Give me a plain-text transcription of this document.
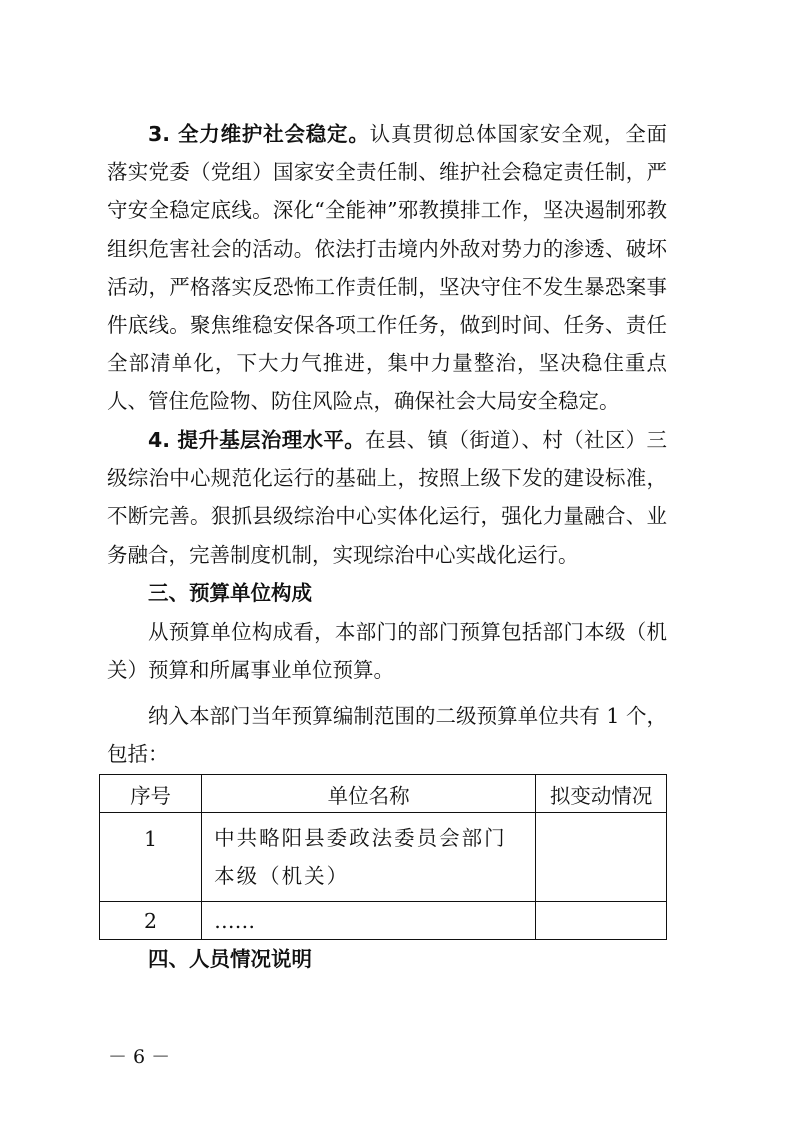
3. 全力维护社会稳定。认真贯彻总体国家安全观，全面落实党委（党组）国家安全责任制、维护社会稳定责任制，严守安全稳定底线。深化“全能神”邪教摸排工作，坚决遏制邪教组织危害社会的活动。依法打击境内外敌对势力的渗透、破坏活动，严格落实反恐怖工作责任制，坚决守住不发生暴恐案事件底线。聚焦维稳安保各项工作任务，做到时间、任务、责任全部清单化，下大力气推进，集中力量整治，坚决稳住重点人、管住危险物、防住风险点，确保社会大局安全稳定。

4. 提升基层治理水平。在县、镇（街道）、村（社区）三级综治中心规范化运行的基础上，按照上级下发的建设标准，不断完善。狠抓县级综治中心实体化运行，强化力量融合、业务融合，完善制度机制，实现综治中心实战化运行。

三、预算单位构成

从预算单位构成看，本部门的部门预算包括部门本级（机关）预算和所属事业单位预算。

纳入本部门当年预算编制范围的二级预算单位共有 1 个，包括：

序号	单位名称	拟变动情况
1	中共略阳县委政法委员会部门本级（机关）	
2	……	

四、人员情况说明

－ 6 －
